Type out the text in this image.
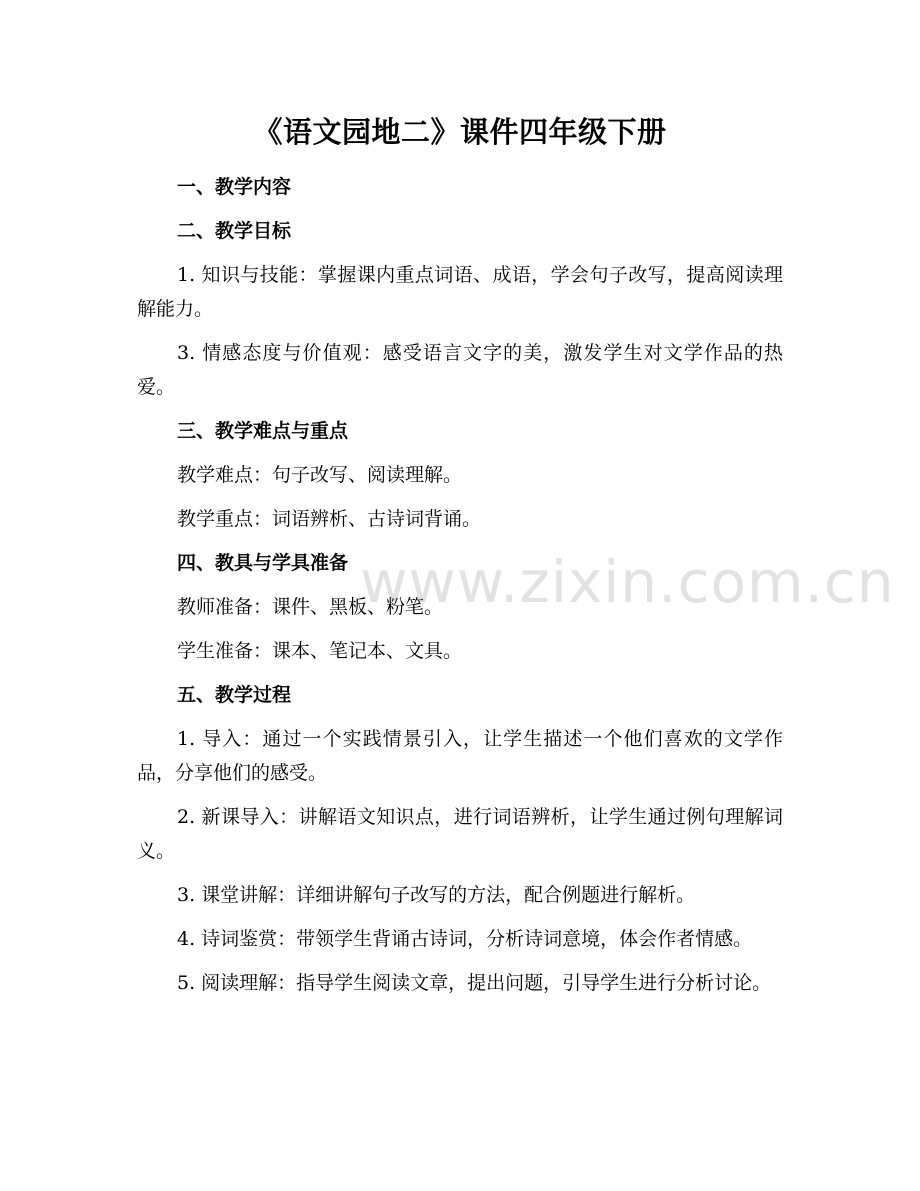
《语文园地二》课件四年级下册
一、教学内容
二、教学目标
1. 知识与技能：掌握课内重点词语、成语，学会句子改写，提高阅读理解能力。
3. 情感态度与价值观：感受语言文字的美，激发学生对文学作品的热爱。
三、教学难点与重点
教学难点：句子改写、阅读理解。
教学重点：词语辨析、古诗词背诵。
四、教具与学具准备
教师准备：课件、黑板、粉笔。
学生准备：课本、笔记本、文具。
五、教学过程
1. 导入：通过一个实践情景引入，让学生描述一个他们喜欢的文学作品，分享他们的感受。
2. 新课导入：讲解语文知识点，进行词语辨析，让学生通过例句理解词义。
3. 课堂讲解：详细讲解句子改写的方法，配合例题进行解析。
4. 诗词鉴赏：带领学生背诵古诗词，分析诗词意境，体会作者情感。
5. 阅读理解：指导学生阅读文章，提出问题，引导学生进行分析讨论。
www.zixin.com.cn
